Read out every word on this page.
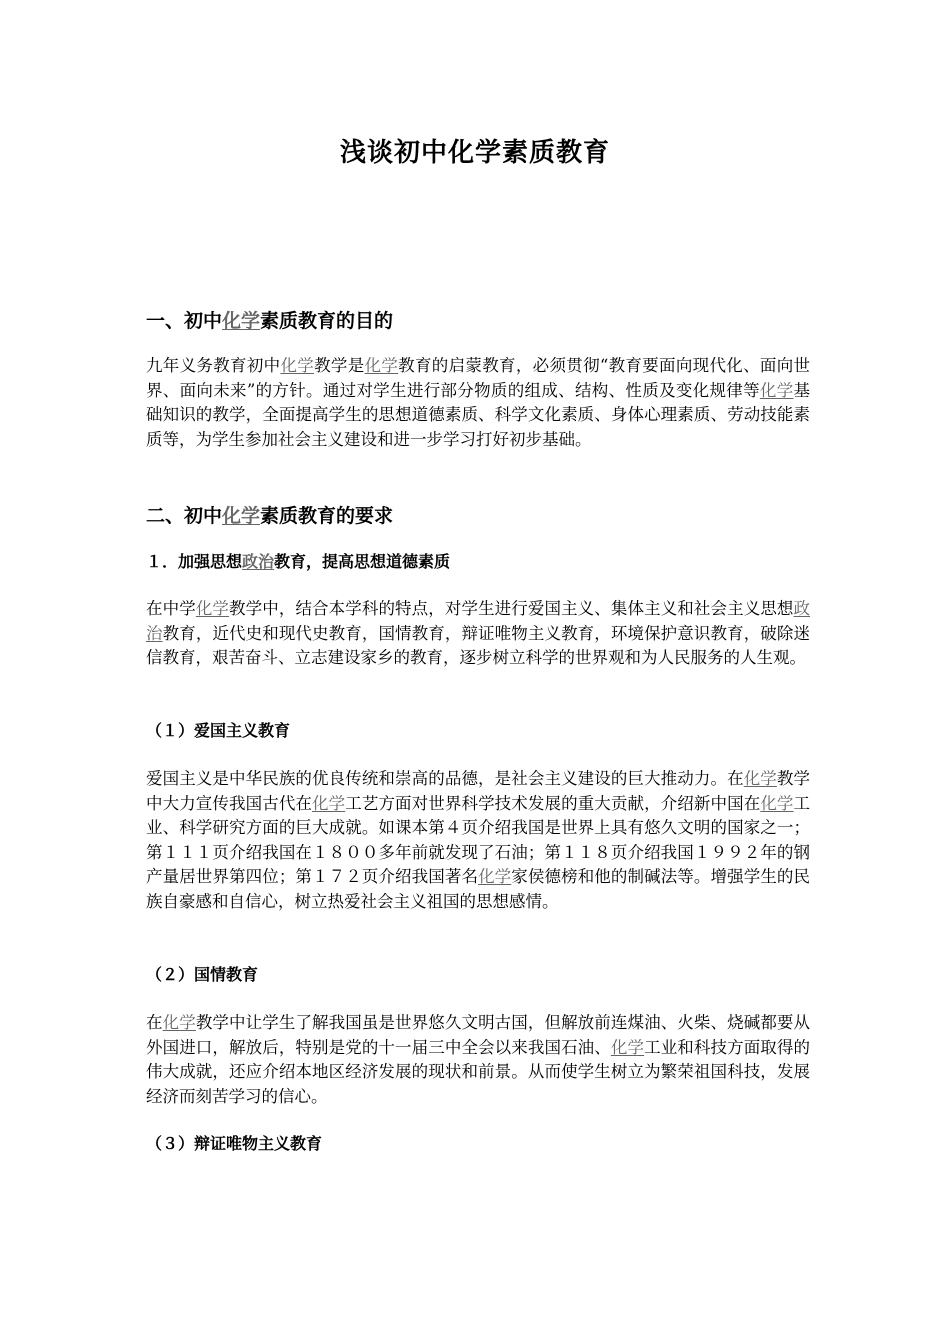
浅谈初中化学素质教育
一、初中化学素质教育的目的

九年义务教育初中化学教学是化学教育的启蒙教育，必须贯彻“教育要面向现代化、面向世界、面向未来”的方针。通过对学生进行部分物质的组成、结构、性质及变化规律等化学基础知识的教学，全面提高学生的思想道德素质、科学文化素质、身体心理素质、劳动技能素质等，为学生参加社会主义建设和进一步学习打好初步基础。

二、初中化学素质教育的要求
１．加强思想政治教育，提高思想道德素质

在中学化学教学中，结合本学科的特点，对学生进行爱国主义、集体主义和社会主义思想政治教育，近代史和现代史教育，国情教育，辩证唯物主义教育，环境保护意识教育，破除迷信教育，艰苦奋斗、立志建设家乡的教育，逐步树立科学的世界观和为人民服务的人生观。

（１）爱国主义教育

爱国主义是中华民族的优良传统和崇高的品德，是社会主义建设的巨大推动力。在化学教学中大力宣传我国古代在化学工艺方面对世界科学技术发展的重大贡献，介绍新中国在化学工业、科学研究方面的巨大成就。如课本第４页介绍我国是世界上具有悠久文明的国家之一；第１１１页介绍我国在１８００多年前就发现了石油；第１１８页介绍我国１９９２年的钢产量居世界第四位；第１７２页介绍我国著名化学家侯德榜和他的制碱法等。增强学生的民族自豪感和自信心，树立热爱社会主义祖国的思想感情。

（２）国情教育

在化学教学中让学生了解我国虽是世界悠久文明古国，但解放前连煤油、火柴、烧碱都要从外国进口，解放后，特别是党的十一届三中全会以来我国石油、化学工业和科技方面取得的伟大成就，还应介绍本地区经济发展的现状和前景。从而使学生树立为繁荣祖国科技，发展经济而刻苦学习的信心。

（３）辩证唯物主义教育
